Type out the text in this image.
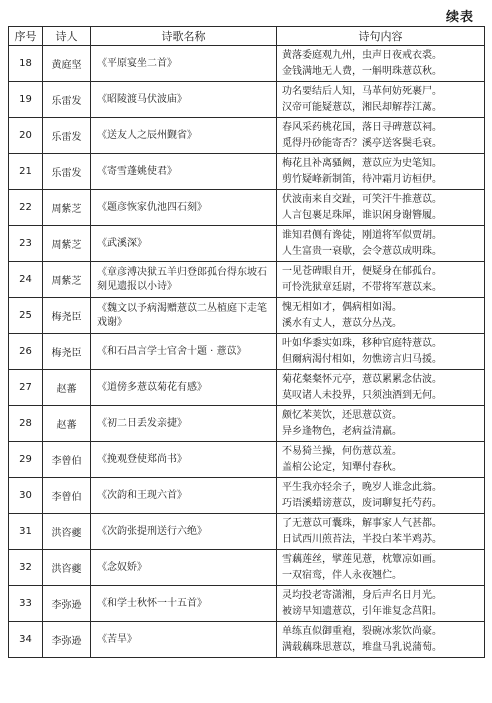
续表
序号	诗人	诗歌名称	诗句内容
18	黄庭坚	《平原宴坐二首》	黄落委庭观九州，虫声日夜戒衣裘。
金钱满地无人费，一斛明珠薏苡秋。

19	乐雷发	《昭陵渡马伏波庙》	功名要结后人知，马革何妨死裹尸。
汉帝可能疑薏苡，湘民却解荐江蓠。

20	乐雷发	《送友人之辰州觐省》	春风采药桃花国，落日寻碑薏苡祠。
觅得丹砂能寄否？溪亭送客鬓毛衰。

21	乐雷发	《寄雪蓬姚使君》	梅花且补离骚阙，薏苡应为史笔知。
剪竹疑峰新制笛，待冲霜月访桓伊。

22	周紫芝	《题彦恢家仇池四石刻》	伏波南来自交趾，可笑汗牛推薏苡。
人言包裹足珠犀，谁识闲身谢簪履。

23	周紫芝	《武溪深》	谁知君侧有谗徒，刚道将军似贾胡。
人生富贵一衰歇，会令薏苡成明珠。

24	周紫芝	《章彦溥决狱五羊归登郎孤台得东坡石刻见遗报以小诗》	一见苍碑眼自开，便疑身在郁孤台。
可怜洗狱章廷尉，不带将军薏苡来。

25	梅尧臣	《魏文以予病渴赠薏苡二丛植庭下走笔戏谢》	愧无相如才，偶病相如渴。
溪水有丈人，薏苡分丛茂。

26	梅尧臣	《和石昌言学士官舍十题 · 薏苡》	叶如华黍实如珠，移种官庭特薏苡。
但爾病渴付相如，勿憔谤言归马援。

27	赵蕃	《道傍多薏苡菊花有感》	菊花粲粲怀元亭，薏苡累累念估波。
莫叹诸人未投界，只须浊酒到无何。

28	赵蕃	《初二日丢发亲捷》	颇忆苯荚饮，还思薏苡资。
异乡逢物色，老病益清羸。

29	李曾伯	《挽观登使郑尚书》	不易猗兰操，何伤薏苡羞。
盖棺公论定，知犟付春秋。

30	李曾伯	《次韵和王现六首》	平生我亦轻余子，晚岁人谁念此翁。
巧语溪蜡谤薏苡，废词聊复托芍药。

31	洪咨夔	《次韵张提刑送行六绝》	了无薏苡可囊珠，解事家人气甚都。
日试西川煎苔法，半投白苯半鸡苏。

32	洪咨夔	《念奴娇》	雪藕莲丝，擘莲见薏，枕簟凉如画。
一双宿鸾，伴人永夜翘伫。

33	李弥逊	《和学士秋怀一十五首》	灵均投老寄潇湘，身后声名日月光。
被谤早知遗薏苡，引年谁复念莒阳。

34	李弥逊	《苦旱》	单练直似御重袍，裂碗冰浆饮尚豪。
满载藕珠思薏苡，堆盘马乳说蒲萄。
